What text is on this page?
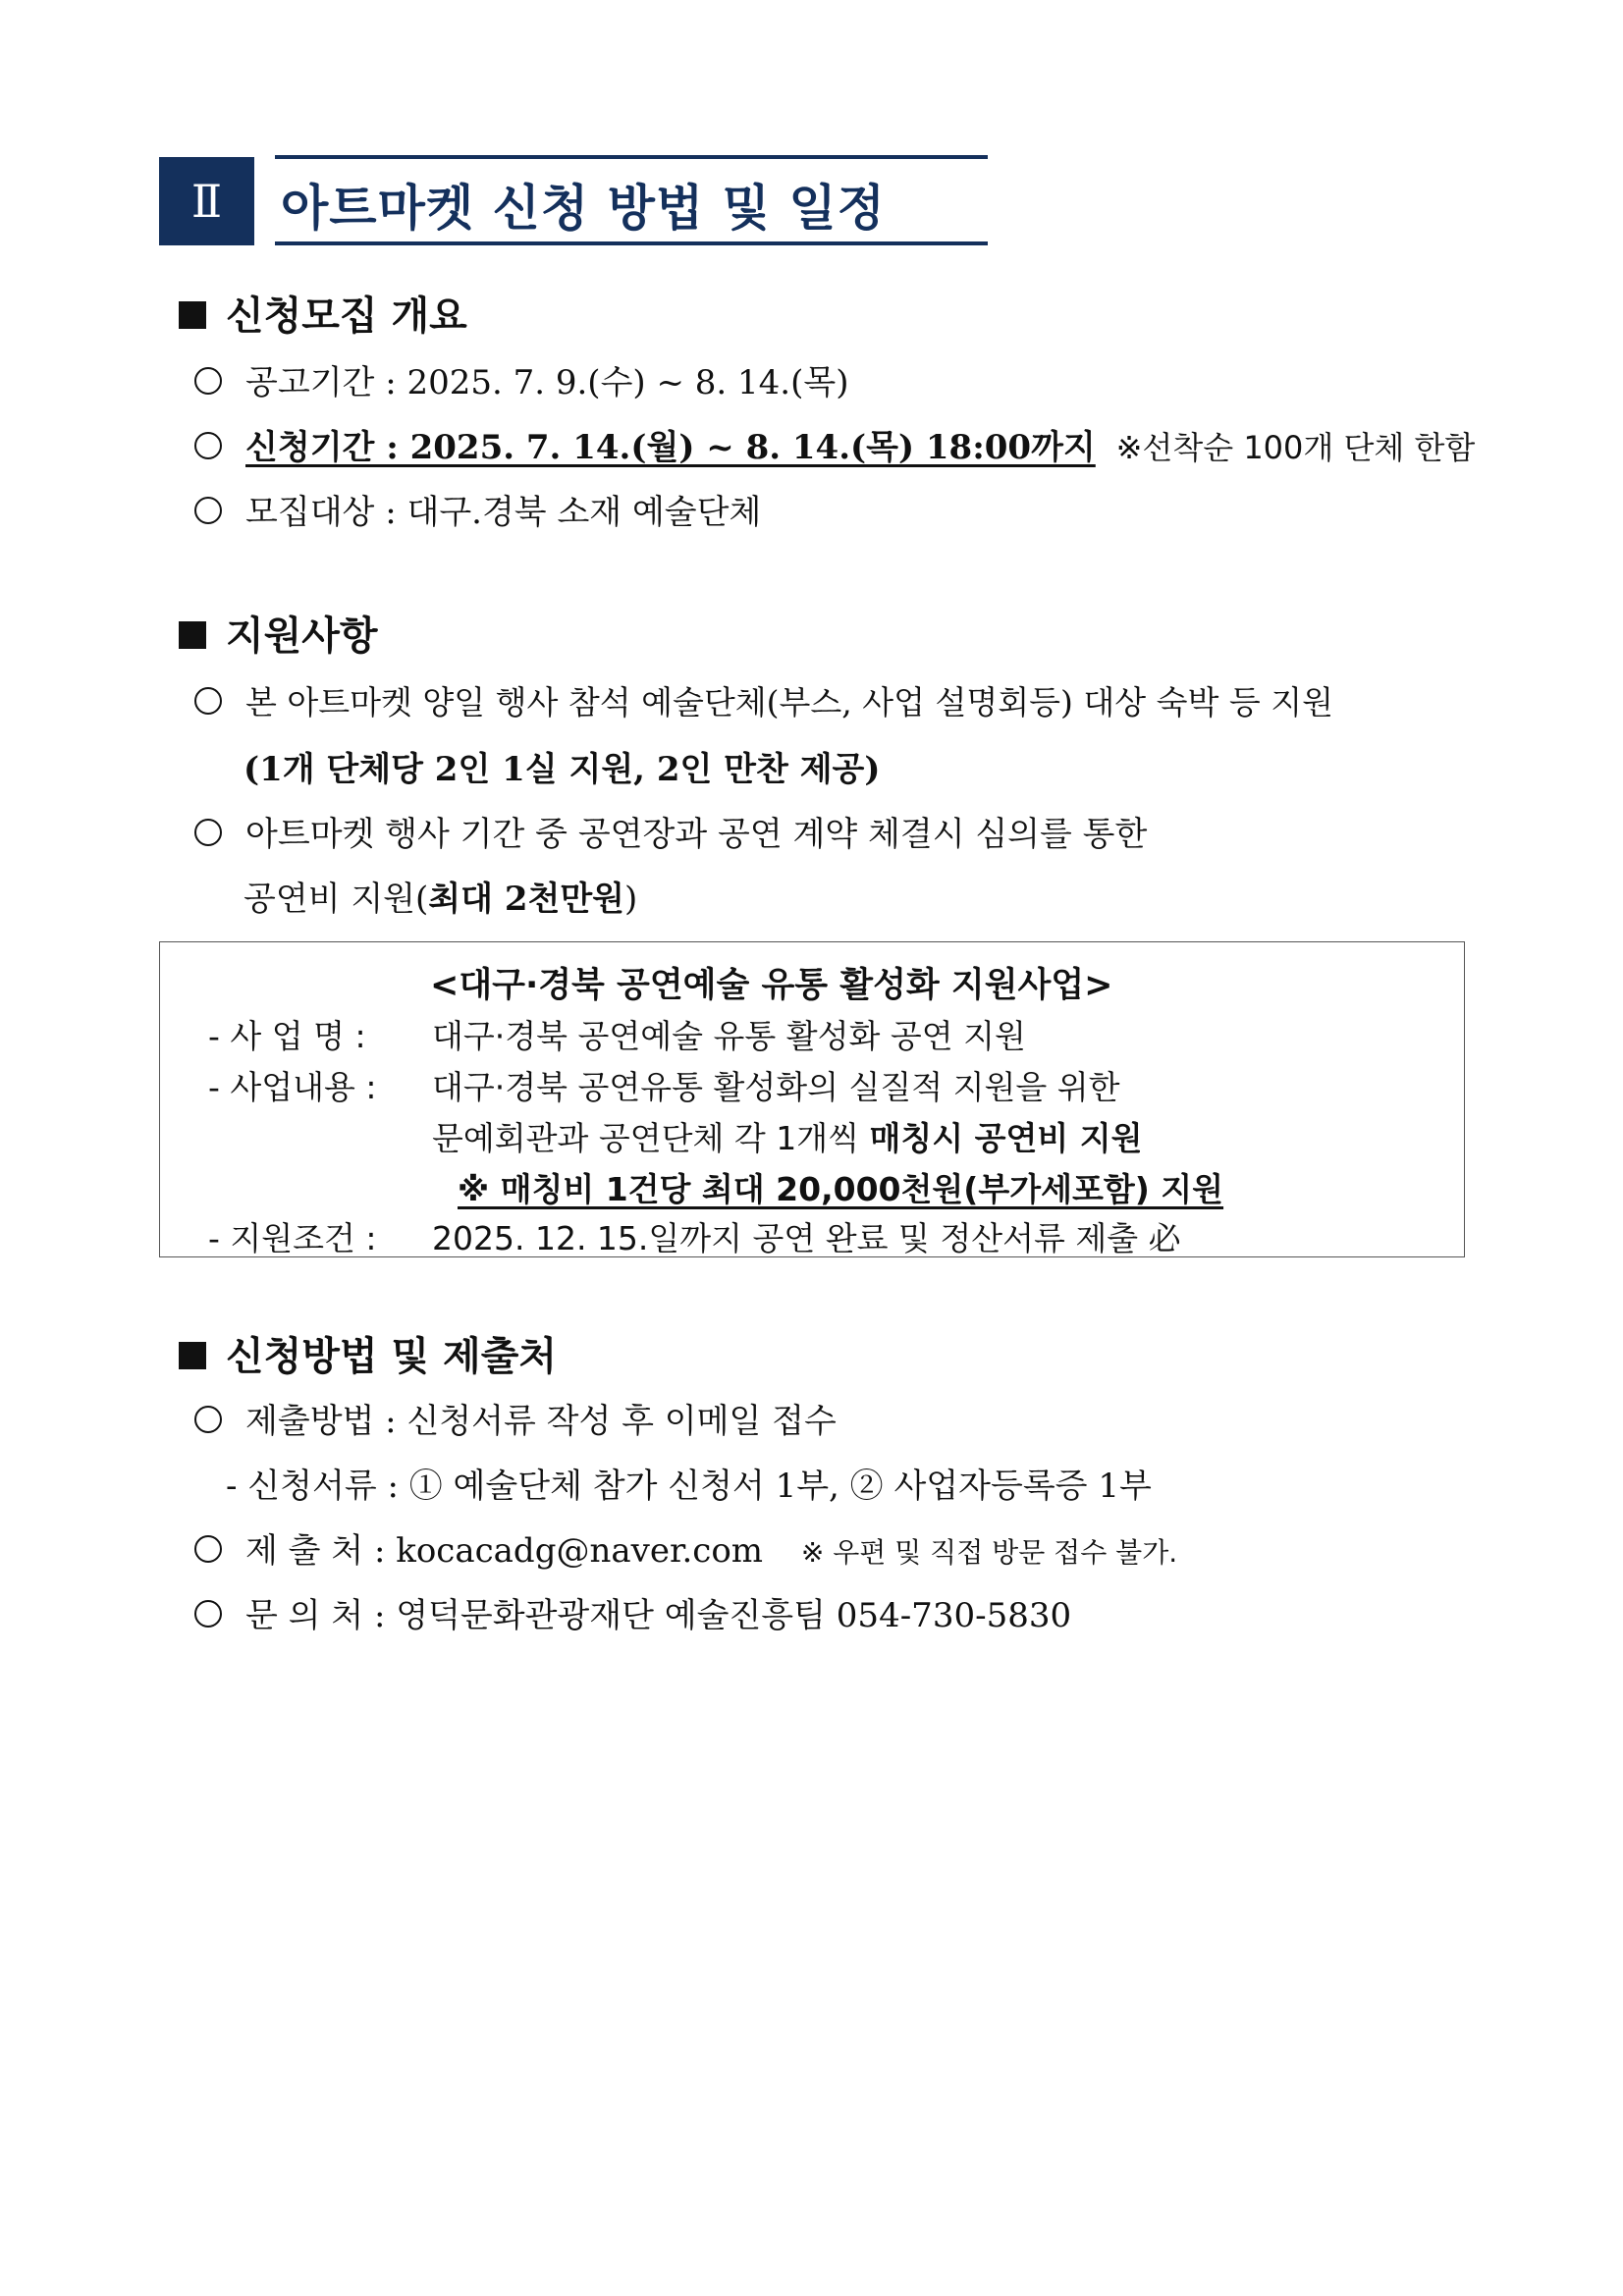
Ⅱ	아트마켓 신청 방법 및 일정
신청모집 개요
공고기간 : 2025. 7. 9.(수) ~ 8. 14.(목)
신청기간 : 2025. 7. 14.(월) ~ 8. 14.(목) 18:00까지 ※선착순 100개 단체 한함
모집대상 : 대구.경북 소재 예술단체
지원사항
본 아트마켓 양일 행사 참석 예술단체(부스, 사업 설명회등) 대상 숙박 등 지원
(1개 단체당 2인 1실 지원, 2인 만찬 제공)
아트마켓 행사 기간 중 공연장과 공연 계약 체결시 심의를 통한
공연비 지원(최대 2천만원)
<대구·경북 공연예술 유통 활성화 지원사업>
- 사 업 명 : 대구·경북 공연예술 유통 활성화 공연 지원
- 사업내용 : 대구·경북 공연유통 활성화의 실질적 지원을 위한
문예회관과 공연단체 각 1개씩 매칭시 공연비 지원
※ 매칭비 1건당 최대 20,000천원(부가세포함) 지원
- 지원조건 : 2025. 12. 15.일까지 공연 완료 및 정산서류 제출 必
신청방법 및 제출처
제출방법 : 신청서류 작성 후 이메일 접수
- 신청서류 : ① 예술단체 참가 신청서 1부, ② 사업자등록증 1부
제 출 처 : kocacadg@naver.com ※ 우편 및 직접 방문 접수 불가.
문 의 처 : 영덕문화관광재단 예술진흥팀 054-730-5830
